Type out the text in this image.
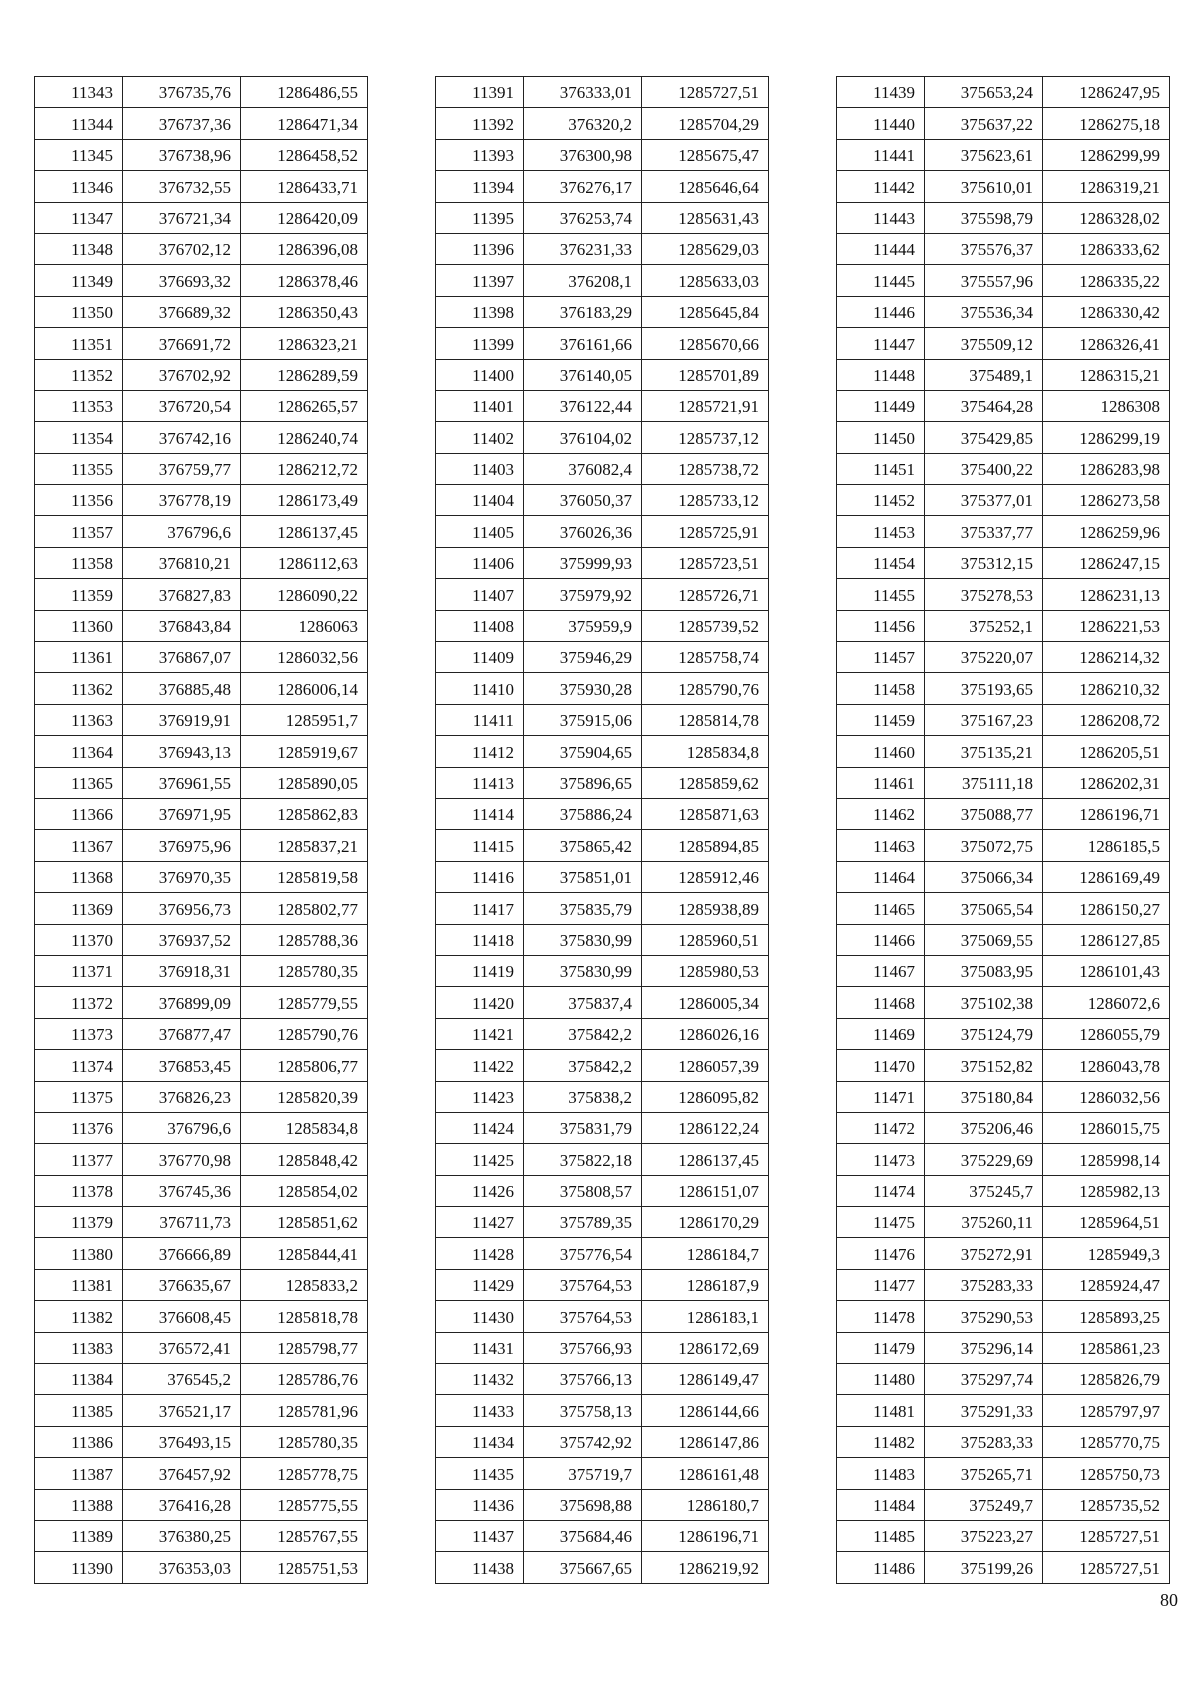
11343	376735,76	1286486,55
11344	376737,36	1286471,34
11345	376738,96	1286458,52
11346	376732,55	1286433,71
11347	376721,34	1286420,09
11348	376702,12	1286396,08
11349	376693,32	1286378,46
11350	376689,32	1286350,43
11351	376691,72	1286323,21
11352	376702,92	1286289,59
11353	376720,54	1286265,57
11354	376742,16	1286240,74
11355	376759,77	1286212,72
11356	376778,19	1286173,49
11357	376796,6	1286137,45
11358	376810,21	1286112,63
11359	376827,83	1286090,22
11360	376843,84	1286063
11361	376867,07	1286032,56
11362	376885,48	1286006,14
11363	376919,91	1285951,7
11364	376943,13	1285919,67
11365	376961,55	1285890,05
11366	376971,95	1285862,83
11367	376975,96	1285837,21
11368	376970,35	1285819,58
11369	376956,73	1285802,77
11370	376937,52	1285788,36
11371	376918,31	1285780,35
11372	376899,09	1285779,55
11373	376877,47	1285790,76
11374	376853,45	1285806,77
11375	376826,23	1285820,39
11376	376796,6	1285834,8
11377	376770,98	1285848,42
11378	376745,36	1285854,02
11379	376711,73	1285851,62
11380	376666,89	1285844,41
11381	376635,67	1285833,2
11382	376608,45	1285818,78
11383	376572,41	1285798,77
11384	376545,2	1285786,76
11385	376521,17	1285781,96
11386	376493,15	1285780,35
11387	376457,92	1285778,75
11388	376416,28	1285775,55
11389	376380,25	1285767,55
11390	376353,03	1285751,53
11391	376333,01	1285727,51
11392	376320,2	1285704,29
11393	376300,98	1285675,47
11394	376276,17	1285646,64
11395	376253,74	1285631,43
11396	376231,33	1285629,03
11397	376208,1	1285633,03
11398	376183,29	1285645,84
11399	376161,66	1285670,66
11400	376140,05	1285701,89
11401	376122,44	1285721,91
11402	376104,02	1285737,12
11403	376082,4	1285738,72
11404	376050,37	1285733,12
11405	376026,36	1285725,91
11406	375999,93	1285723,51
11407	375979,92	1285726,71
11408	375959,9	1285739,52
11409	375946,29	1285758,74
11410	375930,28	1285790,76
11411	375915,06	1285814,78
11412	375904,65	1285834,8
11413	375896,65	1285859,62
11414	375886,24	1285871,63
11415	375865,42	1285894,85
11416	375851,01	1285912,46
11417	375835,79	1285938,89
11418	375830,99	1285960,51
11419	375830,99	1285980,53
11420	375837,4	1286005,34
11421	375842,2	1286026,16
11422	375842,2	1286057,39
11423	375838,2	1286095,82
11424	375831,79	1286122,24
11425	375822,18	1286137,45
11426	375808,57	1286151,07
11427	375789,35	1286170,29
11428	375776,54	1286184,7
11429	375764,53	1286187,9
11430	375764,53	1286183,1
11431	375766,93	1286172,69
11432	375766,13	1286149,47
11433	375758,13	1286144,66
11434	375742,92	1286147,86
11435	375719,7	1286161,48
11436	375698,88	1286180,7
11437	375684,46	1286196,71
11438	375667,65	1286219,92
11439	375653,24	1286247,95
11440	375637,22	1286275,18
11441	375623,61	1286299,99
11442	375610,01	1286319,21
11443	375598,79	1286328,02
11444	375576,37	1286333,62
11445	375557,96	1286335,22
11446	375536,34	1286330,42
11447	375509,12	1286326,41
11448	375489,1	1286315,21
11449	375464,28	1286308
11450	375429,85	1286299,19
11451	375400,22	1286283,98
11452	375377,01	1286273,58
11453	375337,77	1286259,96
11454	375312,15	1286247,15
11455	375278,53	1286231,13
11456	375252,1	1286221,53
11457	375220,07	1286214,32
11458	375193,65	1286210,32
11459	375167,23	1286208,72
11460	375135,21	1286205,51
11461	375111,18	1286202,31
11462	375088,77	1286196,71
11463	375072,75	1286185,5
11464	375066,34	1286169,49
11465	375065,54	1286150,27
11466	375069,55	1286127,85
11467	375083,95	1286101,43
11468	375102,38	1286072,6
11469	375124,79	1286055,79
11470	375152,82	1286043,78
11471	375180,84	1286032,56
11472	375206,46	1286015,75
11473	375229,69	1285998,14
11474	375245,7	1285982,13
11475	375260,11	1285964,51
11476	375272,91	1285949,3
11477	375283,33	1285924,47
11478	375290,53	1285893,25
11479	375296,14	1285861,23
11480	375297,74	1285826,79
11481	375291,33	1285797,97
11482	375283,33	1285770,75
11483	375265,71	1285750,73
11484	375249,7	1285735,52
11485	375223,27	1285727,51
11486	375199,26	1285727,51
80
